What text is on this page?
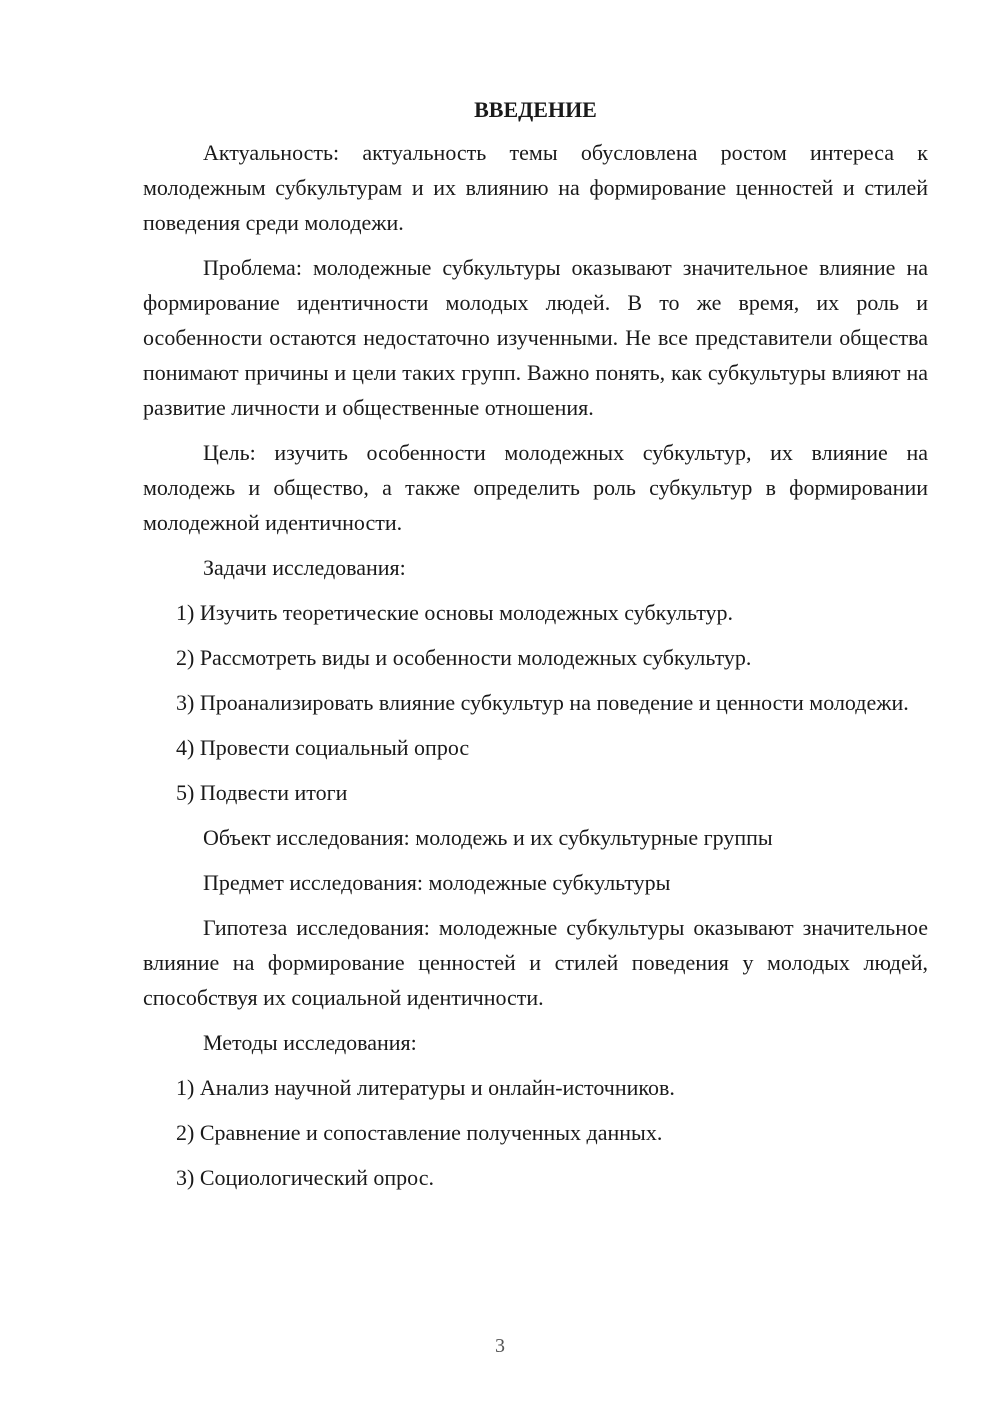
ВВЕДЕНИЕ

Актуальность: актуальность темы обусловлена ростом интереса к молодежным субкультурам и их влиянию на формирование ценностей и стилей поведения среди молодежи.

Проблема: молодежные субкультуры оказывают значительное влияние на формирование идентичности молодых людей. В то же время, их роль и особенности остаются недостаточно изученными. Не все представители общества понимают причины и цели таких групп. Важно понять, как субкультуры влияют на развитие личности и общественные отношения.

Цель: изучить особенности молодежных субкультур, их влияние на молодежь и общество, а также определить роль субкультур в формировании молодежной идентичности.

Задачи исследования:

1) Изучить теоретические основы молодежных субкультур.

2) Рассмотреть виды и особенности молодежных субкультур.

3) Проанализировать влияние субкультур на поведение и ценности молодежи.

4) Провести социальный опрос

5) Подвести итоги

Объект исследования: молодежь и их субкультурные группы

Предмет исследования: молодежные субкультуры

Гипотеза исследования: молодежные субкультуры оказывают значительное влияние на формирование ценностей и стилей поведения у молодых людей, способствуя их социальной идентичности.

Методы исследования:

1) Анализ научной литературы и онлайн-источников.

2) Сравнение и сопоставление полученных данных.

3) Социологический опрос.

3
